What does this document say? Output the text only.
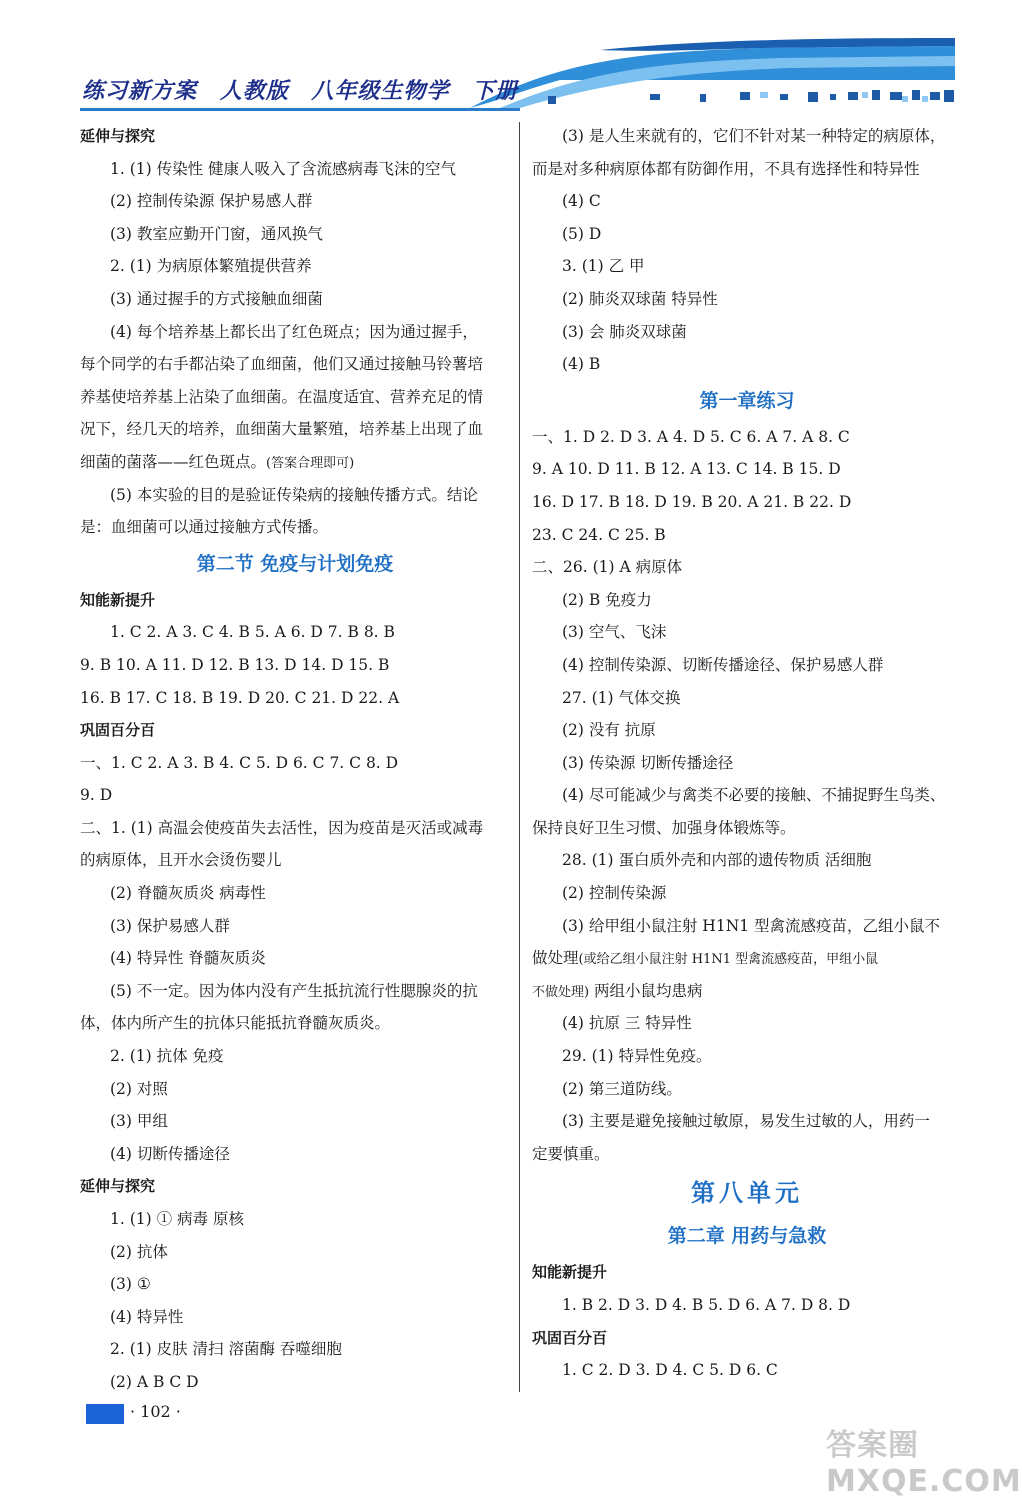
练习新方案 人教版 八年级生物学 下册
延伸与探究
1. (1) 传染性 健康人吸入了含流感病毒飞沫的空气
(2) 控制传染源 保护易感人群
(3) 教室应勤开门窗，通风换气
2. (1) 为病原体繁殖提供营养
(3) 通过握手的方式接触血细菌
(4) 每个培养基上都长出了红色斑点；因为通过握手，
每个同学的右手都沾染了血细菌，他们又通过接触马铃薯培
养基使培养基上沾染了血细菌。在温度适宜、营养充足的情
况下，经几天的培养，血细菌大量繁殖，培养基上出现了血
细菌的菌落——红色斑点。(答案合理即可)
(5) 本实验的目的是验证传染病的接触传播方式。结论
是：血细菌可以通过接触方式传播。
第二节 免疫与计划免疫
知能新提升
1. C 2. A 3. C 4. B 5. A 6. D 7. B 8. B
9. B 10. A 11. D 12. B 13. D 14. D 15. B
16. B 17. C 18. B 19. D 20. C 21. D 22. A
巩固百分百
一、1. C 2. A 3. B 4. C 5. D 6. C 7. C 8. D
9. D
二、1. (1) 高温会使疫苗失去活性，因为疫苗是灭活或减毒
的病原体，且开水会烫伤婴儿
(2) 脊髓灰质炎 病毒性
(3) 保护易感人群
(4) 特异性 脊髓灰质炎
(5) 不一定。因为体内没有产生抵抗流行性腮腺炎的抗
体，体内所产生的抗体只能抵抗脊髓灰质炎。
2. (1) 抗体 免疫
(2) 对照
(3) 甲组
(4) 切断传播途径
延伸与探究
1. (1) ① 病毒 原核
(2) 抗体
(3) ①
(4) 特异性
2. (1) 皮肤 清扫 溶菌酶 吞噬细胞
(2) A B C D
(3) 是人生来就有的，它们不针对某一种特定的病原体，
而是对多种病原体都有防御作用，不具有选择性和特异性
(4) C
(5) D
3. (1) 乙 甲
(2) 肺炎双球菌 特异性
(3) 会 肺炎双球菌
(4) B
第一章练习
一、1. D 2. D 3. A 4. D 5. C 6. A 7. A 8. C
9. A 10. D 11. B 12. A 13. C 14. B 15. D
16. D 17. B 18. D 19. B 20. A 21. B 22. D
23. C 24. C 25. B
二、26. (1) A 病原体
(2) B 免疫力
(3) 空气、飞沫
(4) 控制传染源、切断传播途径、保护易感人群
27. (1) 气体交换
(2) 没有 抗原
(3) 传染源 切断传播途径
(4) 尽可能减少与禽类不必要的接触、不捕捉野生鸟类、
保持良好卫生习惯、加强身体锻炼等。
28. (1) 蛋白质外壳和内部的遗传物质 活细胞
(2) 控制传染源
(3) 给甲组小鼠注射 H1N1 型禽流感疫苗，乙组小鼠不
做处理(或给乙组小鼠注射 H1N1 型禽流感疫苗，甲组小鼠
不做处理) 两组小鼠均患病
(4) 抗原 三 特异性
29. (1) 特异性免疫。
(2) 第三道防线。
(3) 主要是避免接触过敏原，易发生过敏的人，用药一
定要慎重。
第八单元
第二章 用药与急救
知能新提升
1. B 2. D 3. D 4. B 5. D 6. A 7. D 8. D
巩固百分百
1. C 2. D 3. D 4. C 5. D 6. C
· 102 ·
答案圈 MXQE.COM
